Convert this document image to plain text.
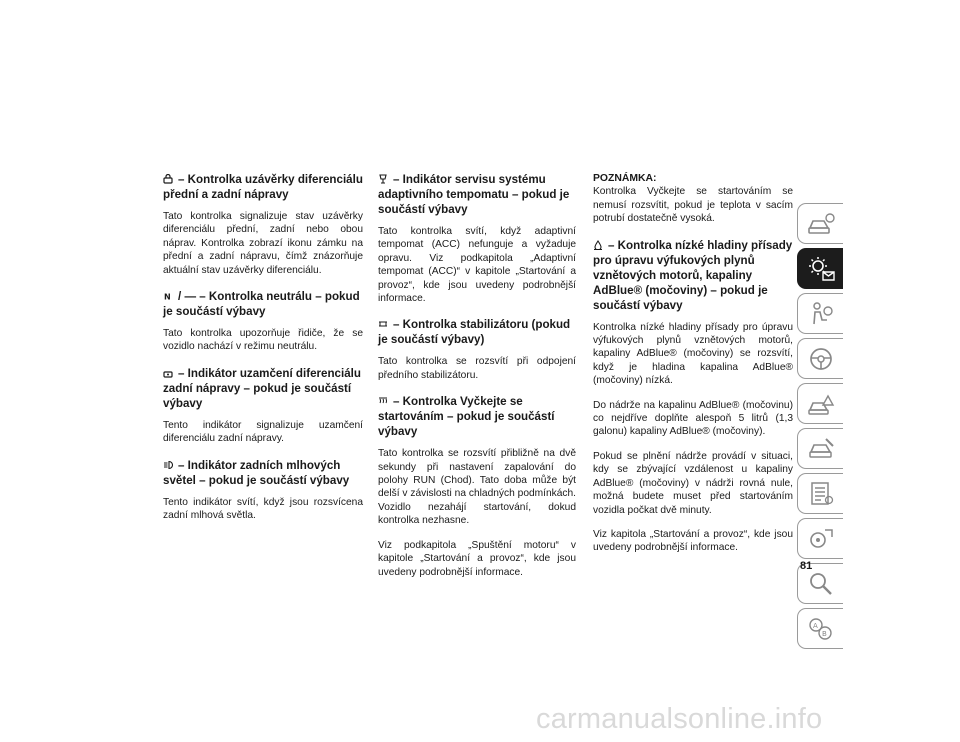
– Kontrolka uzávěrky diferenciálu přední a zadní nápravy

Tato kontrolka signalizuje stav uzávěrky diferenciálu přední, zadní nebo obou náprav. Kontrolka zobrazí ikonu zámku na přední a zadní nápravu, čímž znázorňuje aktuální stav uzávěrky diferenciálu.

N / — – Kontrolka neutrálu – pokud je součástí výbavy

Tato kontrolka upozorňuje řidiče, že se vozidlo nachází v režimu neutrálu.

– Indikátor uzamčení diferenciálu zadní nápravy – pokud je součástí výbavy

Tento indikátor signalizuje uzamčení diferenciálu zadní nápravy.

– Indikátor zadních mlhových světel – pokud je součástí výbavy

Tento indikátor svítí, když jsou rozsvícena zadní mlhová světla.

– Indikátor servisu systému adaptivního tempomatu – pokud je součástí výbavy

Tato kontrolka svítí, když adaptivní tempomat (ACC) nefunguje a vyžaduje opravu. Viz podkapitola „Adaptivní tempomat (ACC)“ v kapitole „Startování a provoz“, kde jsou uvedeny podrobnější informace.

– Kontrolka stabilizátoru (pokud je součástí výbavy)

Tato kontrolka se rozsvítí při odpojení předního stabilizátoru.

– Kontrolka Vyčkejte se startováním – pokud je součástí výbavy

Tato kontrolka se rozsvítí přibližně na dvě sekundy při nastavení zapalování do polohy RUN (Chod). Tato doba může být delší v závislosti na chladných podmínkách. Vozidlo nezahájí startování, dokud kontrolka nezhasne.

Viz podkapitola „Spuštění motoru“ v kapitole „Startování a provoz“, kde jsou uvedeny podrobnější informace.

POZNÁMKA:

Kontrolka Vyčkejte se startováním se nemusí rozsvítit, pokud je teplota v sacím potrubí dostatečně vysoká.

– Kontrolka nízké hladiny přísady pro úpravu výfukových plynů vznětových motorů, kapaliny AdBlue® (močoviny) – pokud je součástí výbavy

Kontrolka nízké hladiny přísady pro úpravu výfukových plynů vznětových motorů, kapaliny AdBlue® (močoviny) se rozsvítí, když je hladina kapalina AdBlue® (močoviny) nízká.

Do nádrže na kapalinu AdBlue® (močovinu) co nejdříve doplňte alespoň 5 litrů (1,3 galonu) kapaliny AdBlue® (močoviny).

Pokud se plnění nádrže provádí v situaci, kdy se zbývající vzdálenost u kapaliny AdBlue® (močoviny) v nádrži rovná nule, možná budete muset před startováním vozidla počkat dvě minuty.

Viz kapitola „Startování a provoz“, kde jsou uvedeny podrobnější informace.

A
B
81
carmanualsonline.info
